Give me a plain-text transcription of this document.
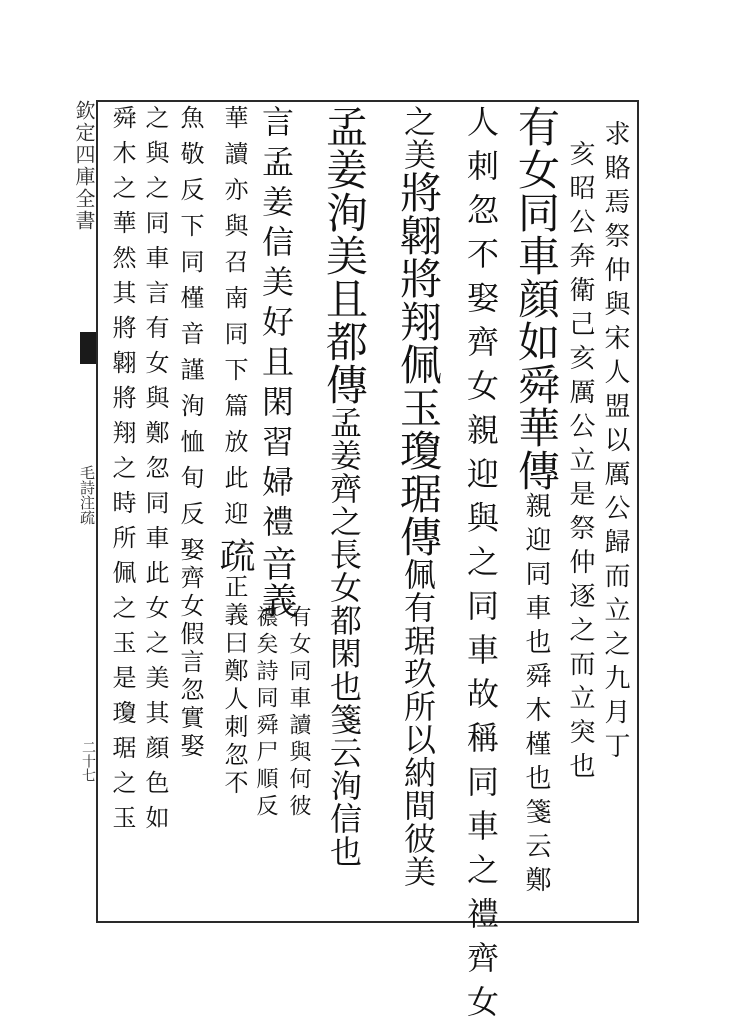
欽定四庫全書
毛詩注疏
二十七	求賂焉祭仲與宋人盟以厲公歸而立之九月丁
亥昭公奔衛己亥厲公立是祭仲逐之而立突也
有女同車顔如舜華傳親迎同車也舜木槿也箋云鄭
人刺忽不娶齊女親迎與之同車故稱同車之禮齊女
之美將翺將翔佩玉瓊琚傳佩有琚玖所以納間彼美
孟姜洵美且都傳孟姜齊之長女都閑也箋云洵信也
言孟姜信美好且閑習婦禮音義
有女同車讀與何彼
襛矣詩同舜尸順反
華讀亦與召南同下篇放此迎疏正義曰鄭人刺忽不
魚敬反下同槿音謹洵恤旬反娶齊女假言忽實娶
之與之同車言有女與鄭忽同車此女之美其顔色如
舜木之華然其將翺將翔之時所佩之玉是瓊琚之玉
